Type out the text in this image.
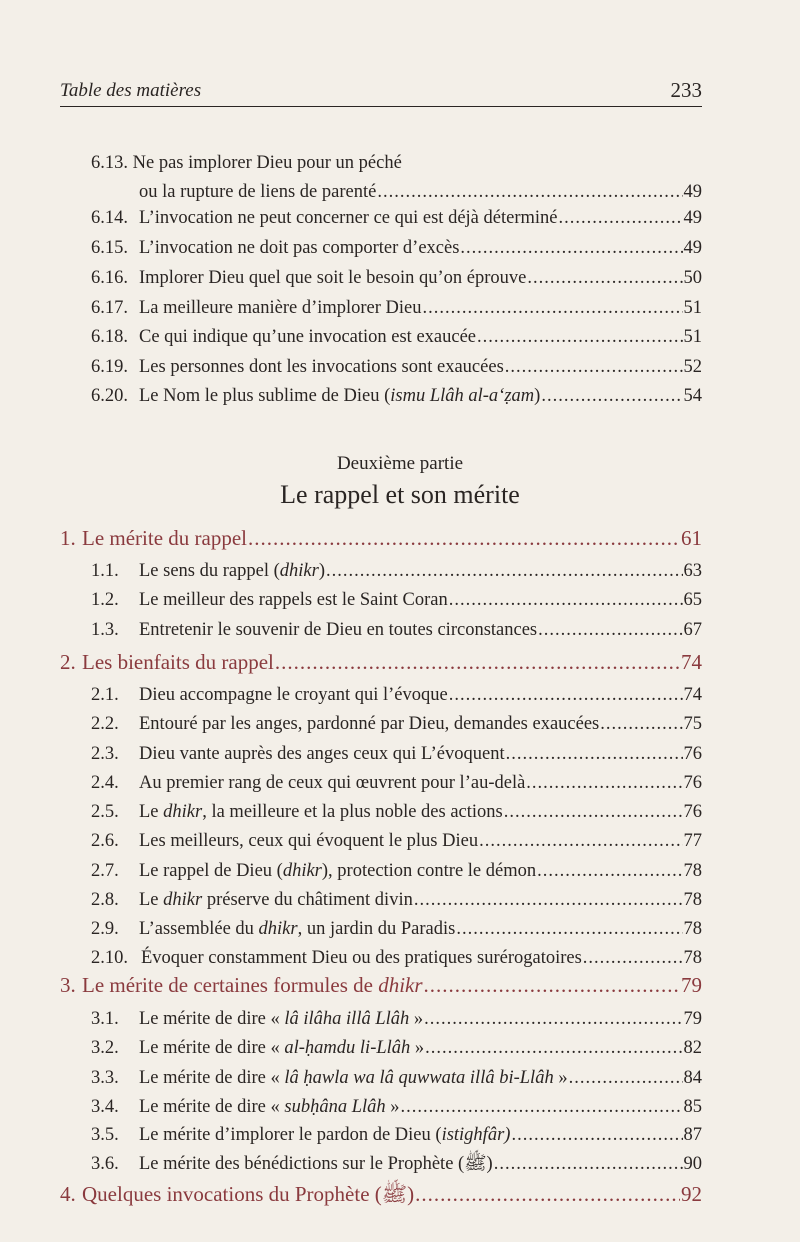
Table des matières	233
6.13. Ne pas implorer Dieu pour un péché
ou la rupture de liens de parenté .....	49
6.14. L’invocation ne peut concerner ce qui est déjà déterminé .....	49
6.15. L’invocation ne doit pas comporter d’excès .....	49
6.16. Implorer Dieu quel que soit le besoin qu’on éprouve .....	50
6.17. La meilleure manière d’implorer Dieu .....	51
6.18. Ce qui indique qu’une invocation est exaucée .....	51
6.19. Les personnes dont les invocations sont exaucées .....	52
6.20. Le Nom le plus sublime de Dieu (ismu Llâh al-a‘ẓam) .....	54
Deuxième partie
Le rappel et son mérite
1. Le mérite du rappel .....	61
1.1.	Le sens du rappel (dhikr) .....	63
1.2.	Le meilleur des rappels est le Saint Coran .....	65
1.3.	Entretenir le souvenir de Dieu en toutes circonstances .....	67
2. Les bienfaits du rappel .....	74
2.1.	Dieu accompagne le croyant qui l’évoque .....	74
2.2.	Entouré par les anges, pardonné par Dieu, demandes exaucées .....	75
2.3.	Dieu vante auprès des anges ceux qui L’évoquent .....	76
2.4.	Au premier rang de ceux qui œuvrent pour l’au-delà .....	76
2.5.	Le dhikr, la meilleure et la plus noble des actions .....	76
2.6.	Les meilleurs, ceux qui évoquent le plus Dieu .....	77
2.7.	Le rappel de Dieu (dhikr), protection contre le démon .....	78
2.8.	Le dhikr préserve du châtiment divin .....	78
2.9.	L’assemblée du dhikr, un jardin du Paradis .....	78
2.10. Évoquer constamment Dieu ou des pratiques surérogatoires .....	78
3. Le mérite de certaines formules de dhikr .....	79
3.1.	Le mérite de dire « lâ ilâha illâ Llâh » .....	79
3.2.	Le mérite de dire « al-ḥamdu li-Llâh » .....	82
3.3.	Le mérite de dire « lâ ḥawla wa lâ quwwata illâ bi-Llâh » .....	84
3.4.	Le mérite de dire « subḥâna Llâh » .....	85
3.5.	Le mérite d’implorer le pardon de Dieu (istighfâr) .....	87
3.6.	Le mérite des bénédictions sur le Prophète (ﷺ) .....	90
4. Quelques invocations du Prophète (ﷺ) .....	92
